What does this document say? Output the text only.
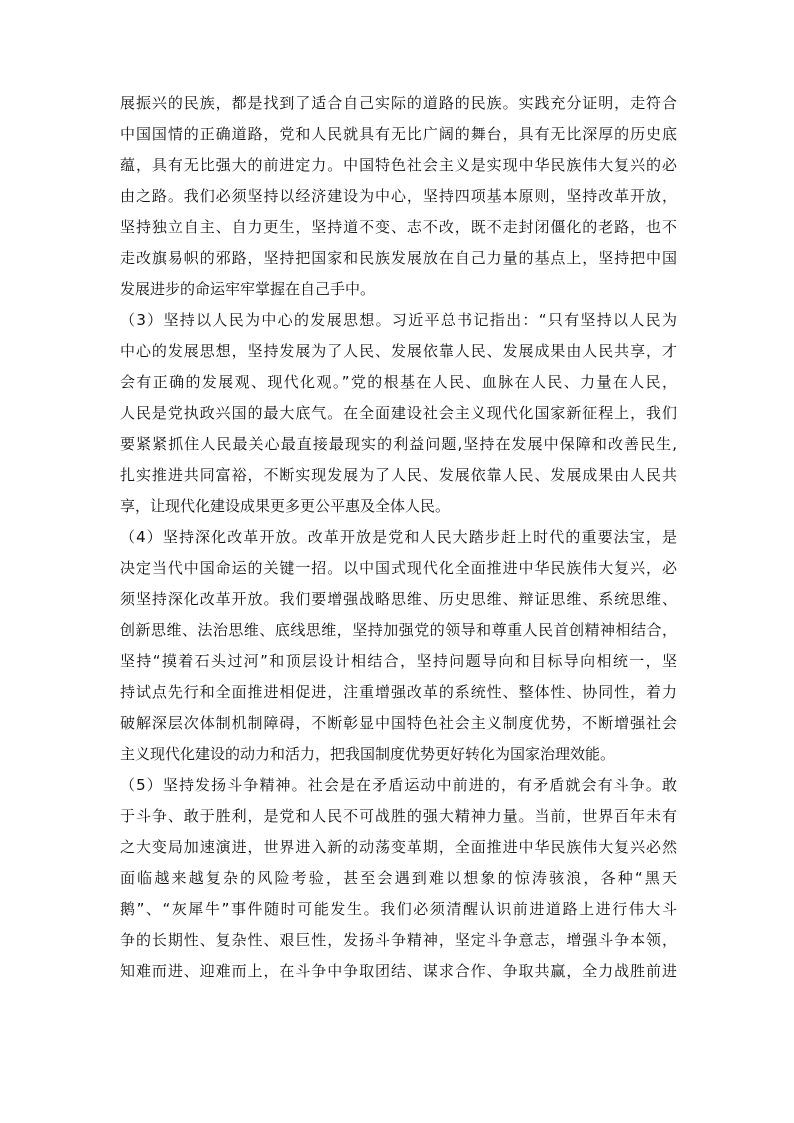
展振兴的民族，都是找到了适合自己实际的道路的民族。实践充分证明，走符合
中国国情的正确道路，党和人民就具有无比广阔的舞台，具有无比深厚的历史底
蕴，具有无比强大的前进定力。中国特色社会主义是实现中华民族伟大复兴的必
由之路。我们必须坚持以经济建设为中心，坚持四项基本原则，坚持改革开放，
坚持独立自主、自力更生，坚持道不变、志不改，既不走封闭僵化的老路，也不
走改旗易帜的邪路，坚持把国家和民族发展放在自己力量的基点上，坚持把中国
发展进步的命运牢牢掌握在自己手中。
（3）坚持以人民为中心的发展思想。习近平总书记指出：“只有坚持以人民为
中心的发展思想，坚持发展为了人民、发展依靠人民、发展成果由人民共享，才
会有正确的发展观、现代化观。”党的根基在人民、血脉在人民、力量在人民，
人民是党执政兴国的最大底气。在全面建设社会主义现代化国家新征程上，我们
要紧紧抓住人民最关心最直接最现实的利益问题,坚持在发展中保障和改善民生,
扎实推进共同富裕，不断实现发展为了人民、发展依靠人民、发展成果由人民共
享，让现代化建设成果更多更公平惠及全体人民。
（4）坚持深化改革开放。改革开放是党和人民大踏步赶上时代的重要法宝，是
决定当代中国命运的关键一招。以中国式现代化全面推进中华民族伟大复兴，必
须坚持深化改革开放。我们要增强战略思维、历史思维、辩证思维、系统思维、
创新思维、法治思维、底线思维，坚持加强党的领导和尊重人民首创精神相结合，
坚持“摸着石头过河”和顶层设计相结合，坚持问题导向和目标导向相统一，坚
持试点先行和全面推进相促进，注重增强改革的系统性、整体性、协同性，着力
破解深层次体制机制障碍，不断彰显中国特色社会主义制度优势，不断增强社会
主义现代化建设的动力和活力，把我国制度优势更好转化为国家治理效能。
（5）坚持发扬斗争精神。社会是在矛盾运动中前进的，有矛盾就会有斗争。敢
于斗争、敢于胜利，是党和人民不可战胜的强大精神力量。当前，世界百年未有
之大变局加速演进，世界进入新的动荡变革期，全面推进中华民族伟大复兴必然
面临越来越复杂的风险考验，甚至会遇到难以想象的惊涛骇浪，各种“黑天
鹅”、“灰犀牛”事件随时可能发生。我们必须清醒认识前进道路上进行伟大斗
争的长期性、复杂性、艰巨性，发扬斗争精神，坚定斗争意志，增强斗争本领，
知难而进、迎难而上，在斗争中争取团结、谋求合作、争取共赢，全力战胜前进
